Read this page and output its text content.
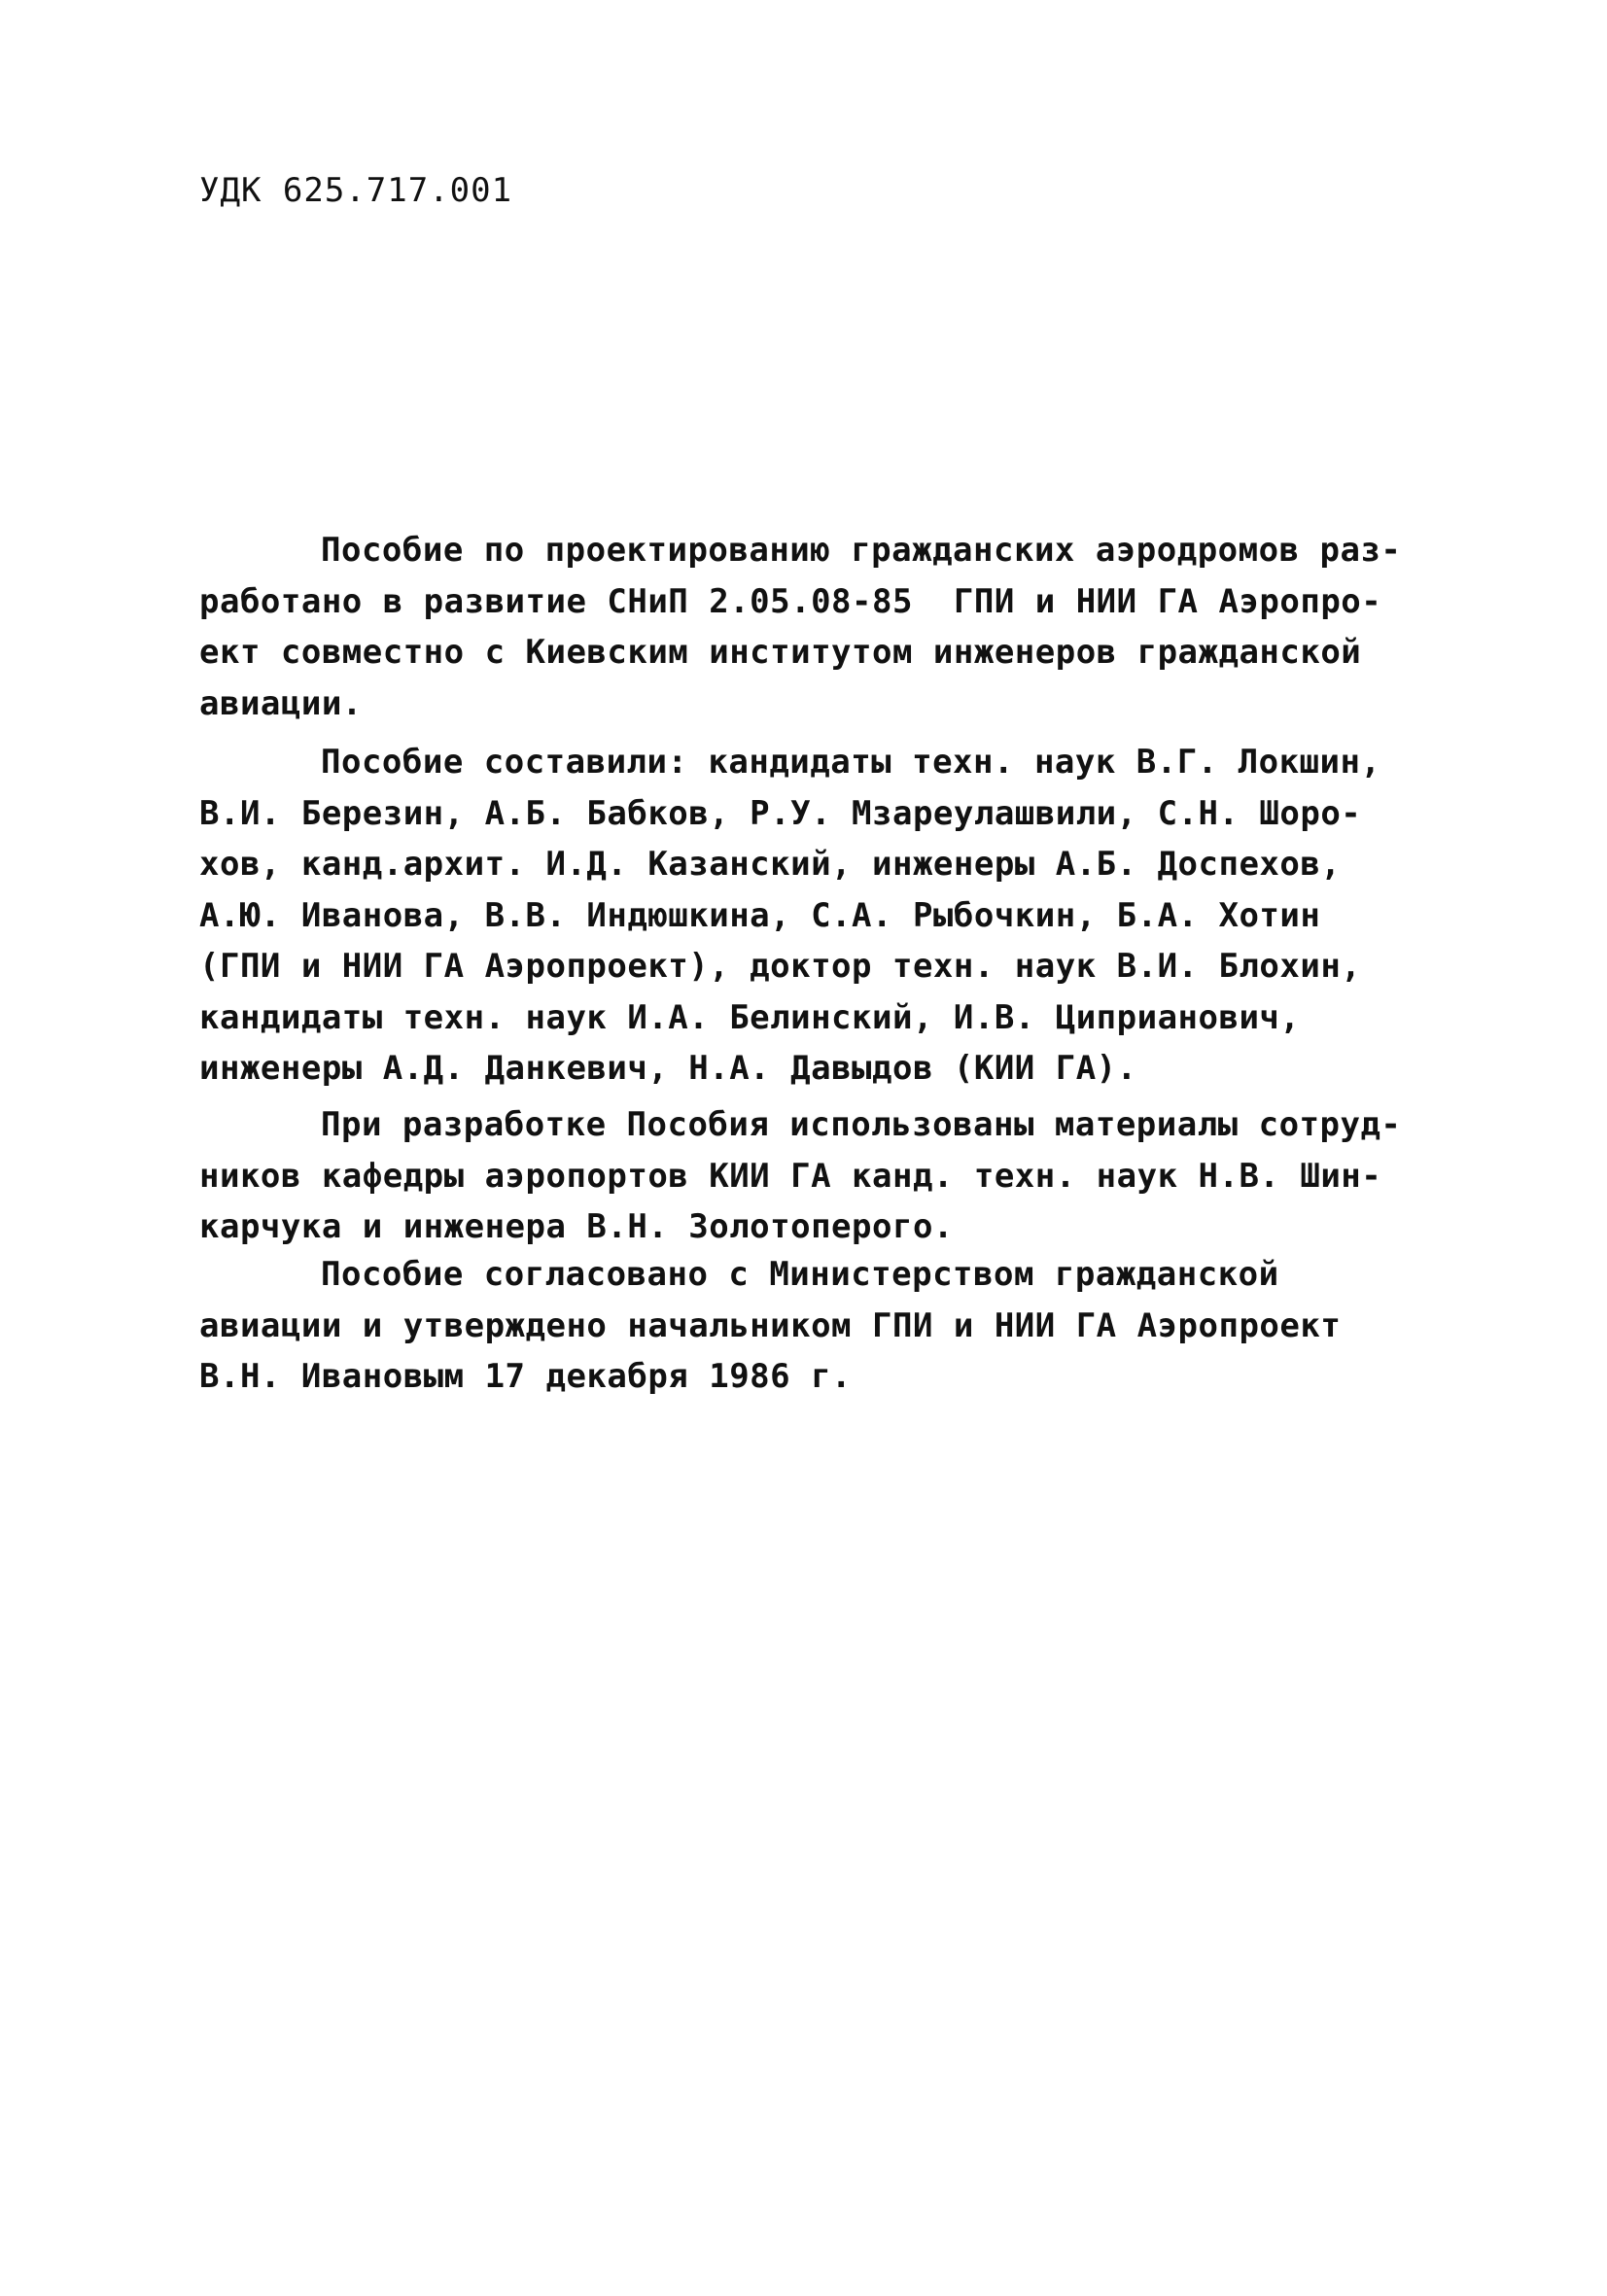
УДК 625.717.001
Пособие по проектированию гражданских аэродромов раз-
работано в развитие СНиП 2.05.08-85  ГПИ и НИИ ГА Аэропро-
ект совместно с Киевским институтом инженеров гражданской
авиации.
Пособие составили: кандидаты техн. наук В.Г. Локшин,
В.И. Березин, А.Б. Бабков, Р.У. Мзареулашвили, С.Н. Шоро-
хов, канд.архит. И.Д. Казанский, инженеры А.Б. Доспехов,
А.Ю. Иванова, В.В. Индюшкина, С.А. Рыбочкин, Б.А. Хотин
(ГПИ и НИИ ГА Аэропроект), доктор техн. наук В.И. Блохин,
кандидаты техн. наук И.А. Белинский, И.В. Циприанович,
инженеры А.Д. Данкевич, Н.А. Давыдов (КИИ ГА).
При разработке Пособия использованы материалы сотруд-
ников кафедры аэропортов КИИ ГА канд. техн. наук Н.В. Шин-
карчука и инженера В.Н. Золотоперого.
Пособие согласовано с Министерством гражданской
авиации и утверждено начальником ГПИ и НИИ ГА Аэропроект
В.Н. Ивановым 17 декабря 1986 г.
